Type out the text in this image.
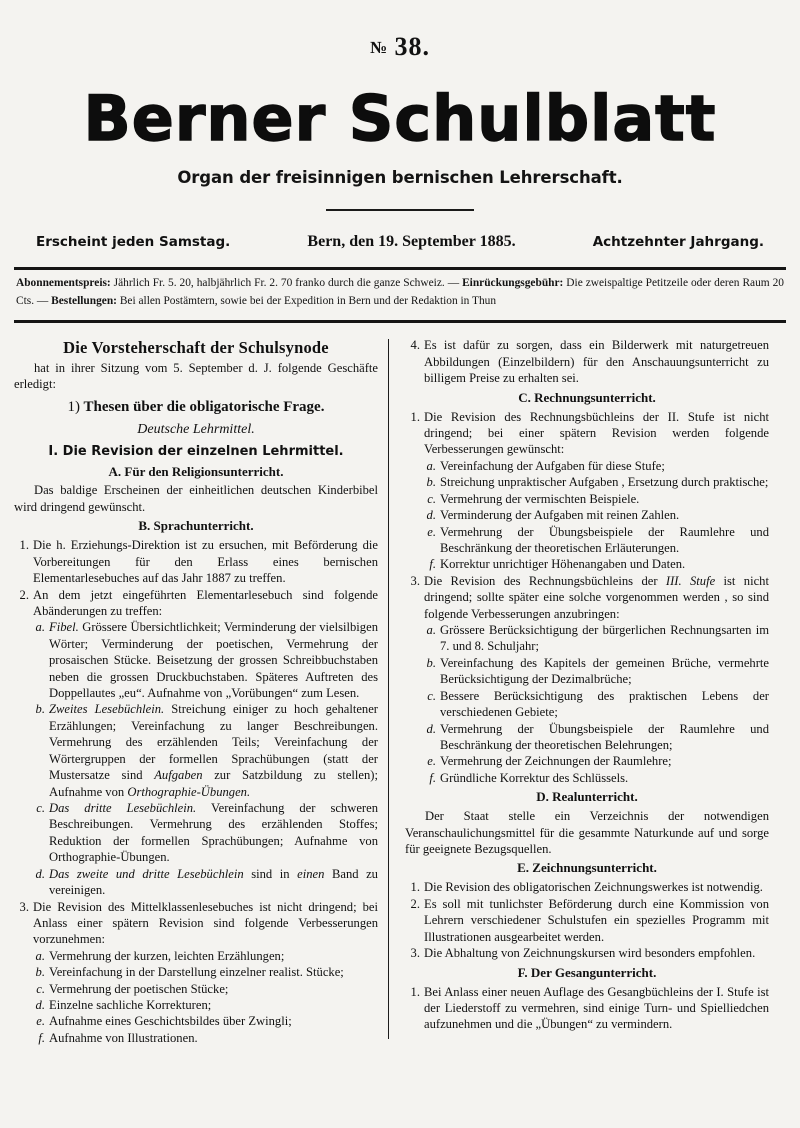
№ 38.
Berner Schulblatt
Organ der freisinnigen bernischen Lehrerschaft.
Erscheint jeden Samstag.	Bern, den 19. September 1885.	Achtzehnter Jahrgang.
Abonnementspreis: Jährlich Fr. 5. 20, halbjährlich Fr. 2. 70 franko durch die ganze Schweiz. — Einrückungsgebühr: Die zweispaltige Petitzeile oder deren Raum 20 Cts. — Bestellungen: Bei allen Postämtern, sowie bei der Expedition in Bern und der Redaktion in Thun
Die Vorsteherschaft der Schulsynode

hat in ihrer Sitzung vom 5. September d. J. folgende Geschäfte erledigt:

1) Thesen über die obligatorische Frage.
Deutsche Lehrmittel.
I. Die Revision der einzelnen Lehrmittel.
A. Für den Religionsunterricht.

Das baldige Erscheinen der einheitlichen deutschen Kinderbibel wird dringend gewünscht.

B. Sprachunterricht.
1. Die h. Erziehungs-Direktion ist zu ersuchen, mit Beförderung die Vorbereitungen für den Erlass eines bernischen Elementarlesebuches auf das Jahr 1887 zu treffen.
2. An dem jetzt eingeführten Elementarlesebuch sind folgende Abänderungen zu treffen:
a. Fibel. Grössere Übersichtlichkeit; Verminderung der vielsilbigen Wörter; Verminderung der poetischen, Vermehrung der prosaischen Stücke. Beisetzung der grossen Schreibbuchstaben neben die grossen Druckbuchstaben. Späteres Auftreten des Doppellautes „eu“. Aufnahme von „Vorübungen“ zum Lesen.
b. Zweites Lesebüchlein. Streichung einiger zu hoch gehaltener Erzählungen; Vereinfachung zu langer Beschreibungen. Vermehrung des erzählenden Teils; Vereinfachung der Wörtergruppen der formellen Sprachübungen (statt der Mustersatze sind Aufgaben zur Satzbildung zu stellen); Aufnahme von Orthographie-Übungen.
c. Das dritte Lesebüchlein. Vereinfachung der schweren Beschreibungen. Vermehrung des erzählenden Stoffes; Reduktion der formellen Sprachübungen; Aufnahme von Orthographie-Übungen.
d. Das zweite und dritte Lesebüchlein sind in einen Band zu vereinigen.
3. Die Revision des Mittelklassenlesebuches ist nicht dringend; bei Anlass einer spätern Revision sind folgende Verbesserungen vorzunehmen:
a. Vermehrung der kurzen, leichten Erzählungen;
b. Vereinfachung in der Darstellung einzelner realist. Stücke;
c. Vermehrung der poetischen Stücke;
d. Einzelne sachliche Korrekturen;
e. Aufnahme eines Geschichtsbildes über Zwingli;
f. Aufnahme von Illustrationen.
4. Es ist dafür zu sorgen, dass ein Bilderwerk mit naturgetreuen Abbildungen (Einzelbildern) für den Anschauungsunterricht zu billigem Preise zu erhalten sei.
C. Rechnungsunterricht.
1. Die Revision des Rechnungsbüchleins der II. Stufe ist nicht dringend; bei einer spätern Revision werden folgende Verbesserungen gewünscht:
a. Vereinfachung der Aufgaben für diese Stufe;
b. Streichung unpraktischer Aufgaben , Ersetzung durch praktische;
c. Vermehrung der vermischten Beispiele.
d. Verminderung der Aufgaben mit reinen Zahlen.
e. Vermehrung der Übungsbeispiele der Raumlehre und Beschränkung der theoretischen Erläuterungen.
f. Korrektur unrichtiger Höhenangaben und Daten.
3. Die Revision des Rechnungsbüchleins der III. Stufe ist nicht dringend; sollte später eine solche vorgenommen werden , so sind folgende Verbesserungen anzubringen:
a. Grössere Berücksichtigung der bürgerlichen Rechnungsarten im 7. und 8. Schuljahr;
b. Vereinfachung des Kapitels der gemeinen Brüche, vermehrte Berücksichtigung der Dezimalbrüche;
c. Bessere Berücksichtigung des praktischen Lebens der verschiedenen Gebiete;
d. Vermehrung der Übungsbeispiele der Raumlehre und Beschränkung der theoretischen Belehrungen;
e. Vermehrung der Zeichnungen der Raumlehre;
f. Gründliche Korrektur des Schlüssels.
D. Realunterricht.

Der Staat stelle ein Verzeichnis der notwendigen Veranschaulichungsmittel für die gesammte Naturkunde auf und sorge für geeignete Bezugsquellen.

E. Zeichnungsunterricht.
1. Die Revision des obligatorischen Zeichnungswerkes ist notwendig.
2. Es soll mit tunlichster Beförderung durch eine Kommission von Lehrern verschiedener Schulstufen ein spezielles Programm mit Illustrationen ausgearbeitet werden.
3. Die Abhaltung von Zeichnungskursen wird besonders empfohlen.
F. Der Gesangunterricht.
1. Bei Anlass einer neuen Auflage des Gesangbüchleins der I. Stufe ist der Liederstoff zu vermehren, sind einige Turn- und Spielliedchen aufzunehmen und die „Übungen“ zu vermindern.
